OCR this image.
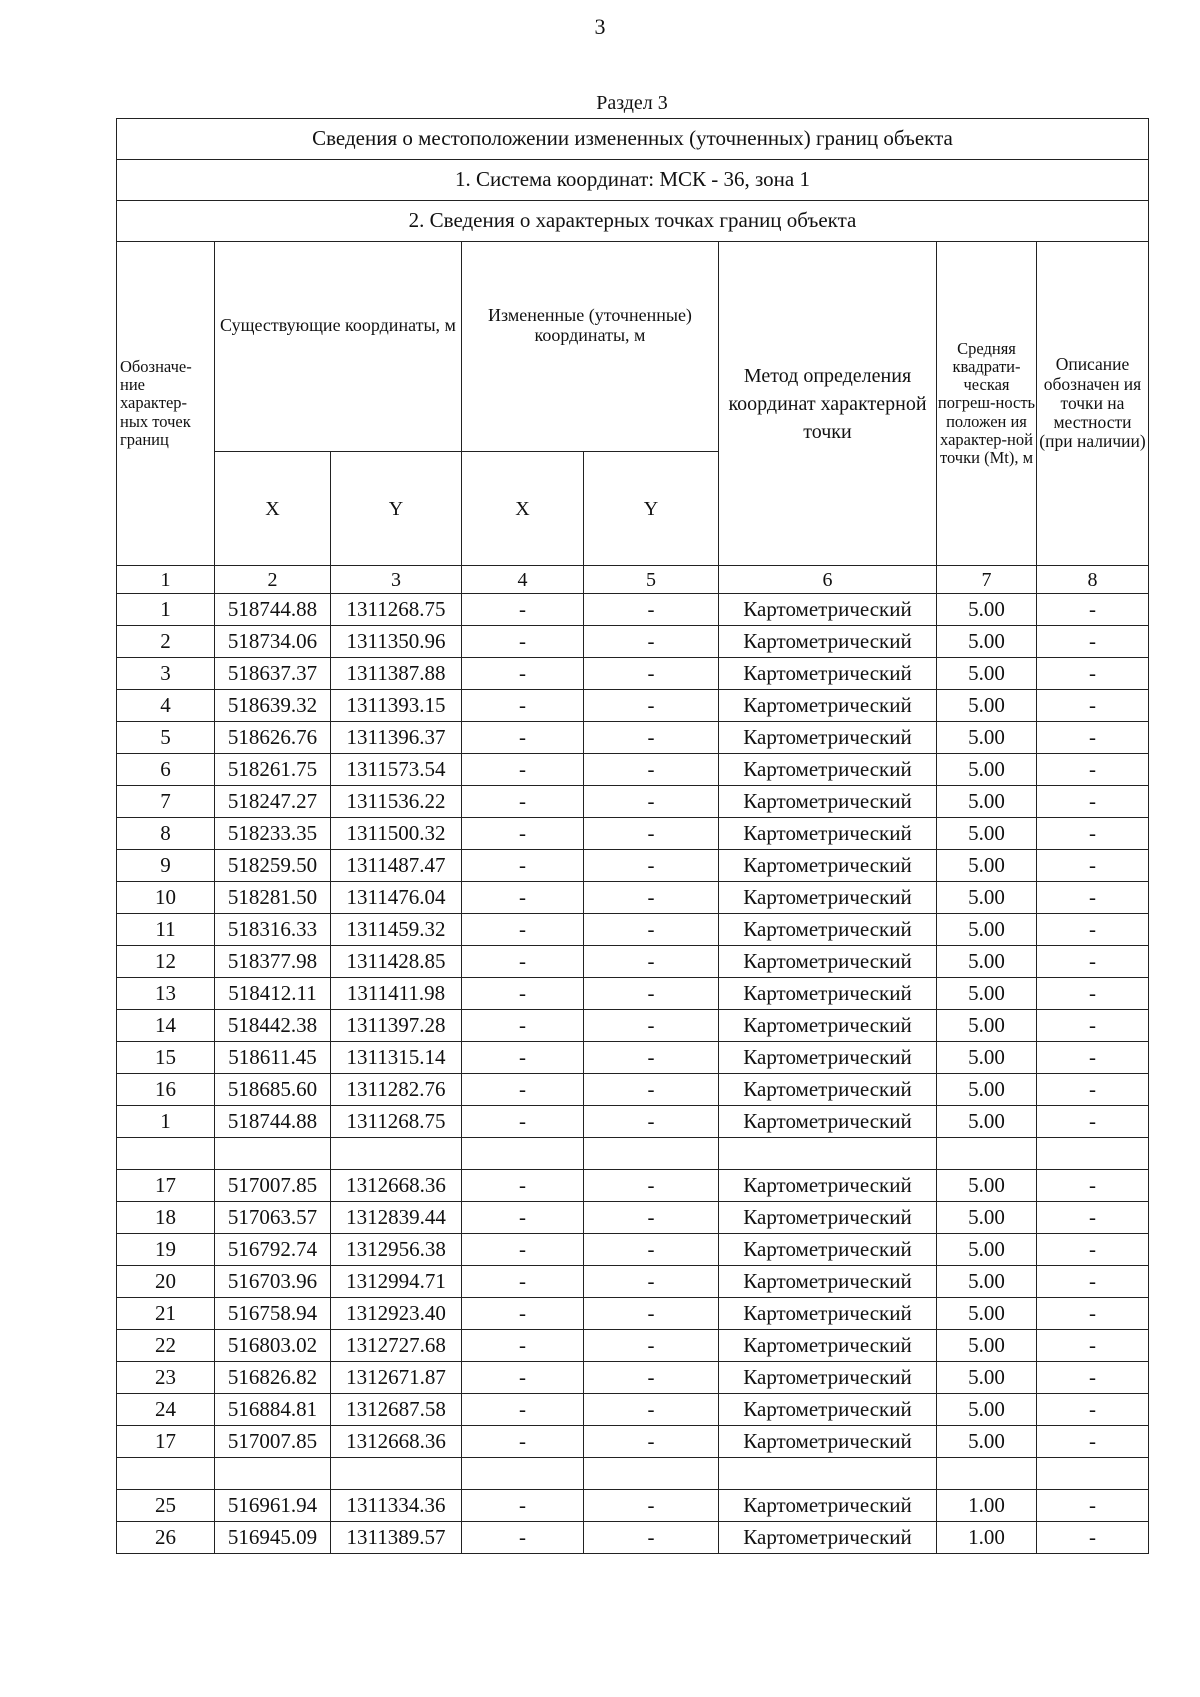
3
Раздел 3
Сведения о местоположении измененных (уточненных) границ объекта							
1. Система координат: МСК - 36, зона 1							
2. Сведения о характерных точках границ объекта							
Обозначе-ние характер-ных точек границ	Существующие координаты, м		Измененные (уточненные) координаты, м		Метод определения координат характерной точки	Средняя квадрати-ческая погреш-ность положен ия характер-ной точки (Mt), м	Описание обозначен ия точки на местности (при наличии)
	X	Y	X	Y			
1	2	3	4	5	6	7	8
1	518744.88	1311268.75	-	-	Картометрический	5.00	-
2	518734.06	1311350.96	-	-	Картометрический	5.00	-
3	518637.37	1311387.88	-	-	Картометрический	5.00	-
4	518639.32	1311393.15	-	-	Картометрический	5.00	-
5	518626.76	1311396.37	-	-	Картометрический	5.00	-
6	518261.75	1311573.54	-	-	Картометрический	5.00	-
7	518247.27	1311536.22	-	-	Картометрический	5.00	-
8	518233.35	1311500.32	-	-	Картометрический	5.00	-
9	518259.50	1311487.47	-	-	Картометрический	5.00	-
10	518281.50	1311476.04	-	-	Картометрический	5.00	-
11	518316.33	1311459.32	-	-	Картометрический	5.00	-
12	518377.98	1311428.85	-	-	Картометрический	5.00	-
13	518412.11	1311411.98	-	-	Картометрический	5.00	-
14	518442.38	1311397.28	-	-	Картометрический	5.00	-
15	518611.45	1311315.14	-	-	Картометрический	5.00	-
16	518685.60	1311282.76	-	-	Картометрический	5.00	-
1	518744.88	1311268.75	-	-	Картометрический	5.00	-

17	517007.85	1312668.36	-	-	Картометрический	5.00	-
18	517063.57	1312839.44	-	-	Картометрический	5.00	-
19	516792.74	1312956.38	-	-	Картометрический	5.00	-
20	516703.96	1312994.71	-	-	Картометрический	5.00	-
21	516758.94	1312923.40	-	-	Картометрический	5.00	-
22	516803.02	1312727.68	-	-	Картометрический	5.00	-
23	516826.82	1312671.87	-	-	Картометрический	5.00	-
24	516884.81	1312687.58	-	-	Картометрический	5.00	-
17	517007.85	1312668.36	-	-	Картометрический	5.00	-

25	516961.94	1311334.36	-	-	Картометрический	1.00	-
26	516945.09	1311389.57	-	-	Картометрический	1.00	-
